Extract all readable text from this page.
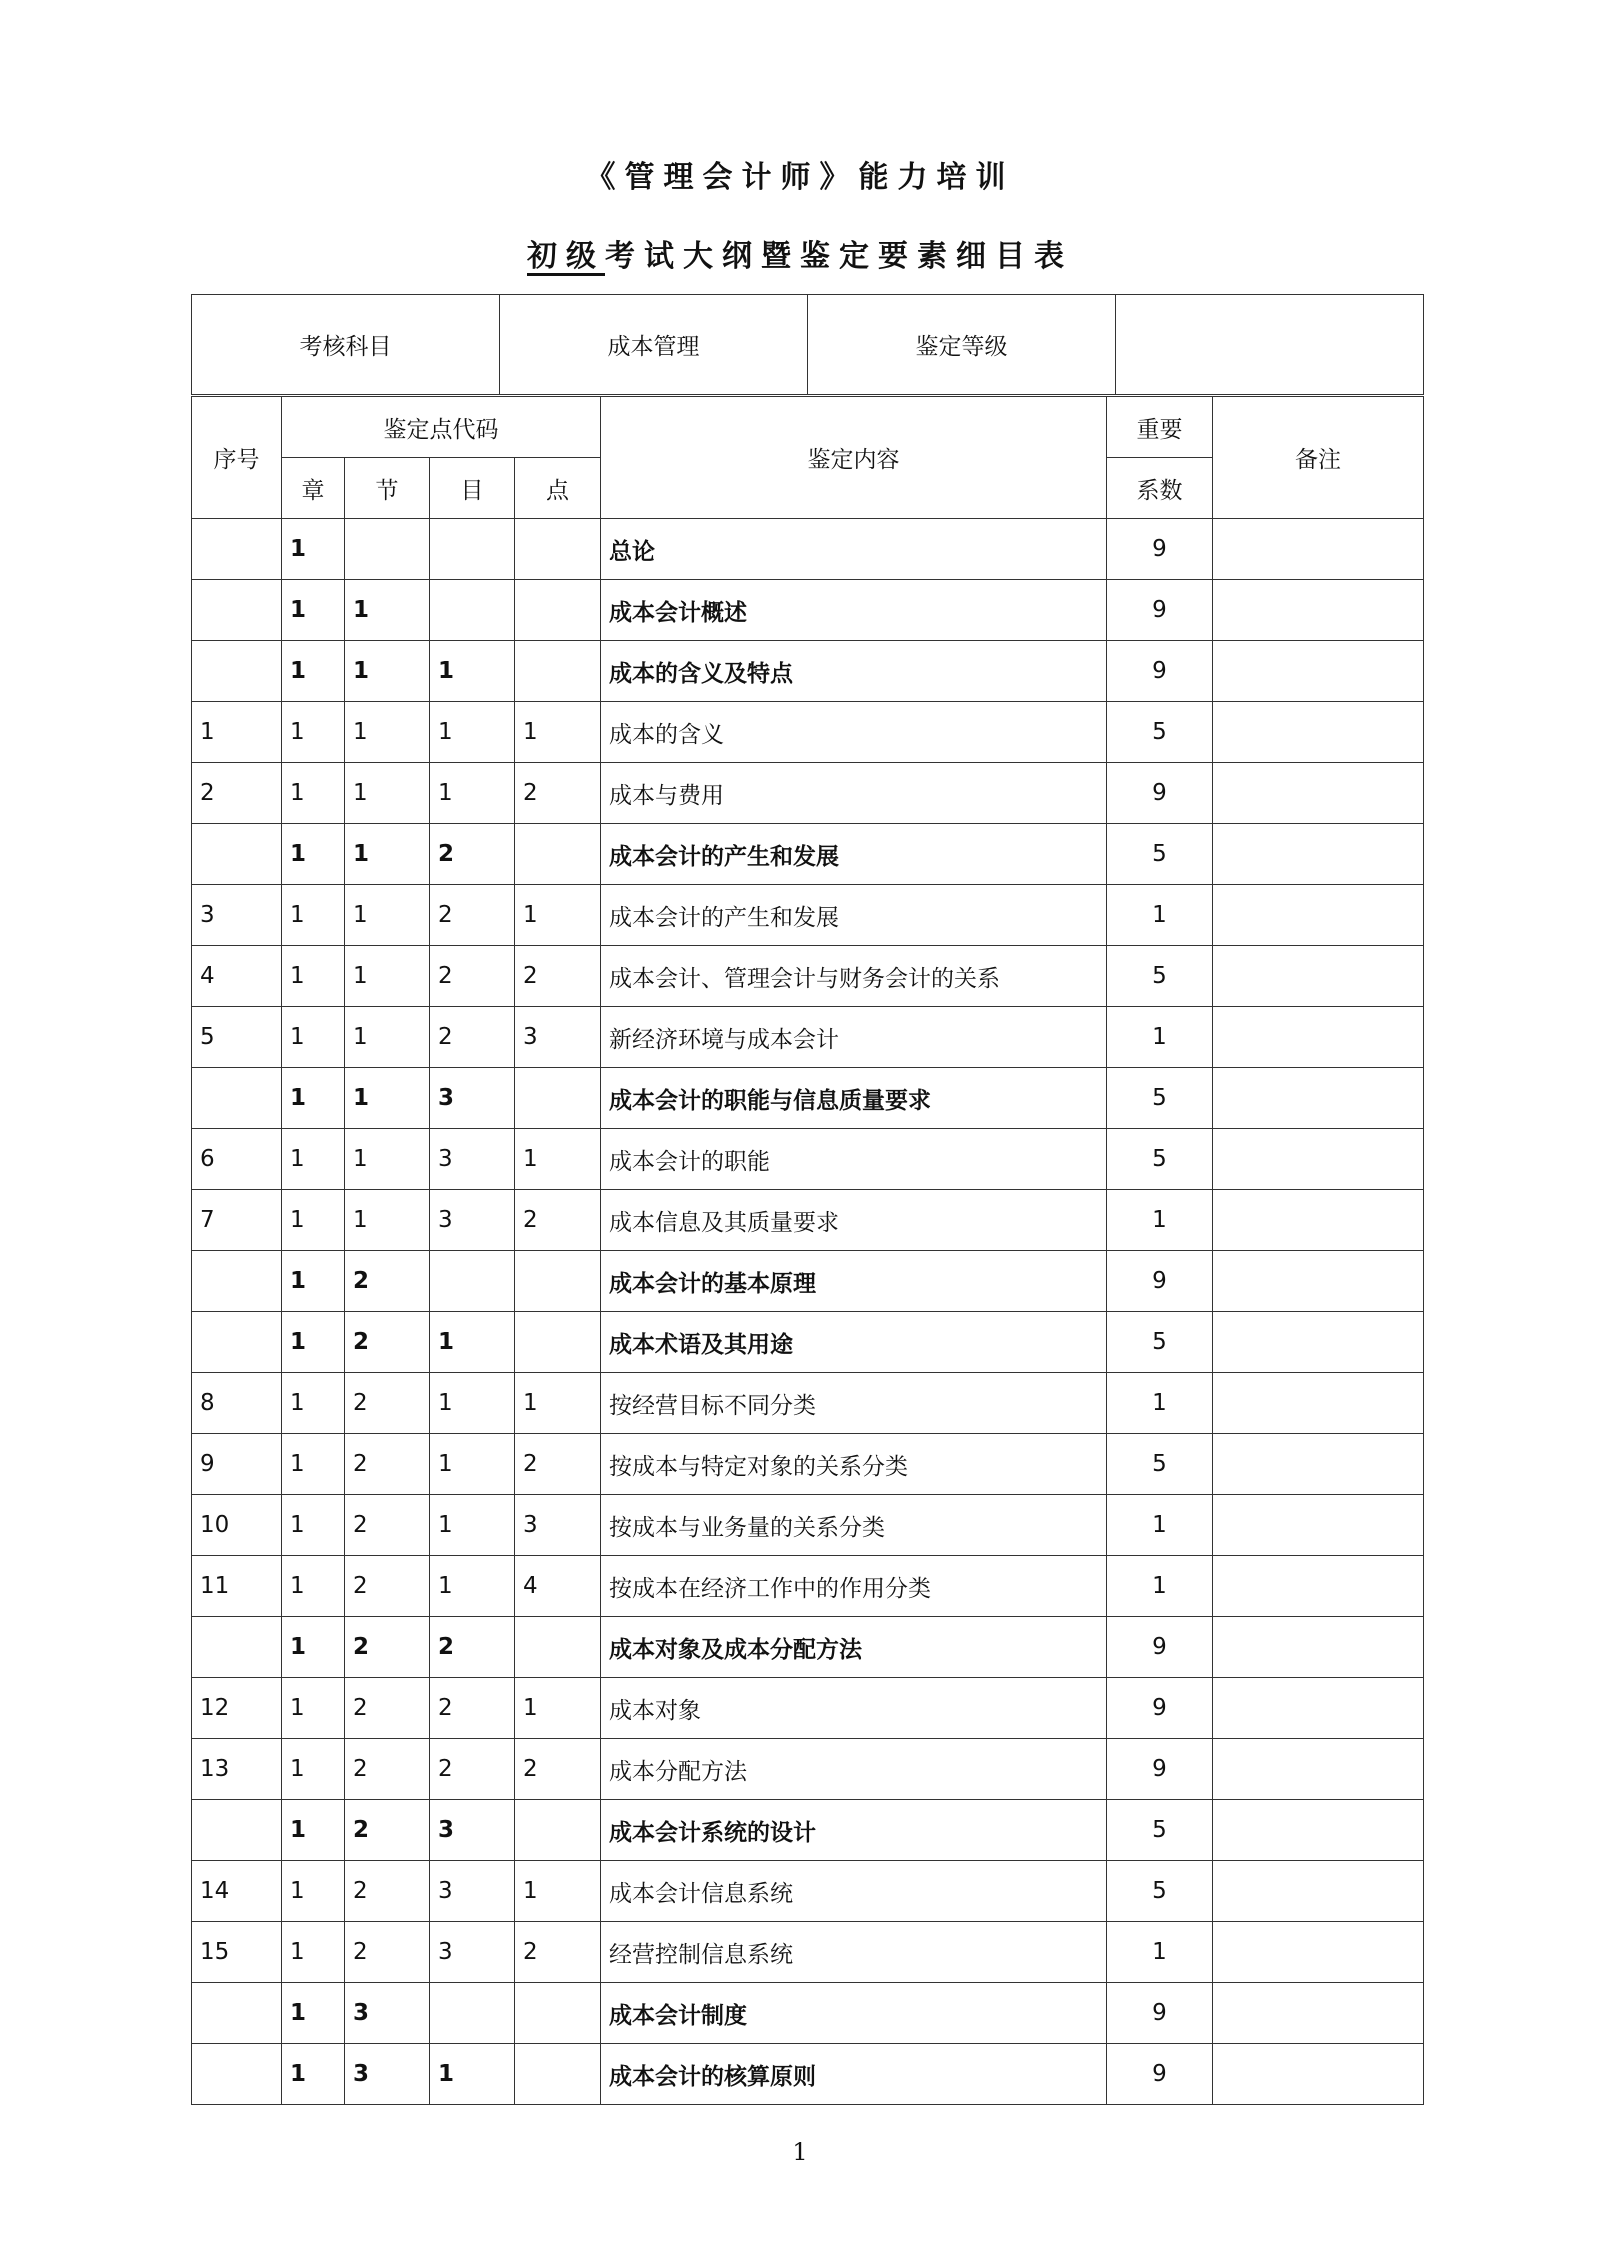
《管理会计师》能力培训
初级考试大纲暨鉴定要素细目表
考核科目	成本管理	鉴定等级	
序号	鉴定点代码				鉴定内容	重要	备注
	章	节	目	点		系数	
	1				总论	9	
	1	1			成本会计概述	9	
	1	1	1		成本的含义及特点	9	
1	1	1	1	1	成本的含义	5	
2	1	1	1	2	成本与费用	9	
	1	1	2		成本会计的产生和发展	5	
3	1	1	2	1	成本会计的产生和发展	1	
4	1	1	2	2	成本会计、管理会计与财务会计的关系	5	
5	1	1	2	3	新经济环境与成本会计	1	
	1	1	3		成本会计的职能与信息质量要求	5	
6	1	1	3	1	成本会计的职能	5	
7	1	1	3	2	成本信息及其质量要求	1	
	1	2			成本会计的基本原理	9	
	1	2	1		成本术语及其用途	5	
8	1	2	1	1	按经营目标不同分类	1	
9	1	2	1	2	按成本与特定对象的关系分类	5	
10	1	2	1	3	按成本与业务量的关系分类	1	
11	1	2	1	4	按成本在经济工作中的作用分类	1	
	1	2	2		成本对象及成本分配方法	9	
12	1	2	2	1	成本对象	9	
13	1	2	2	2	成本分配方法	9	
	1	2	3		成本会计系统的设计	5	
14	1	2	3	1	成本会计信息系统	5	
15	1	2	3	2	经营控制信息系统	1	
	1	3			成本会计制度	9	
	1	3	1		成本会计的核算原则	9	
1
